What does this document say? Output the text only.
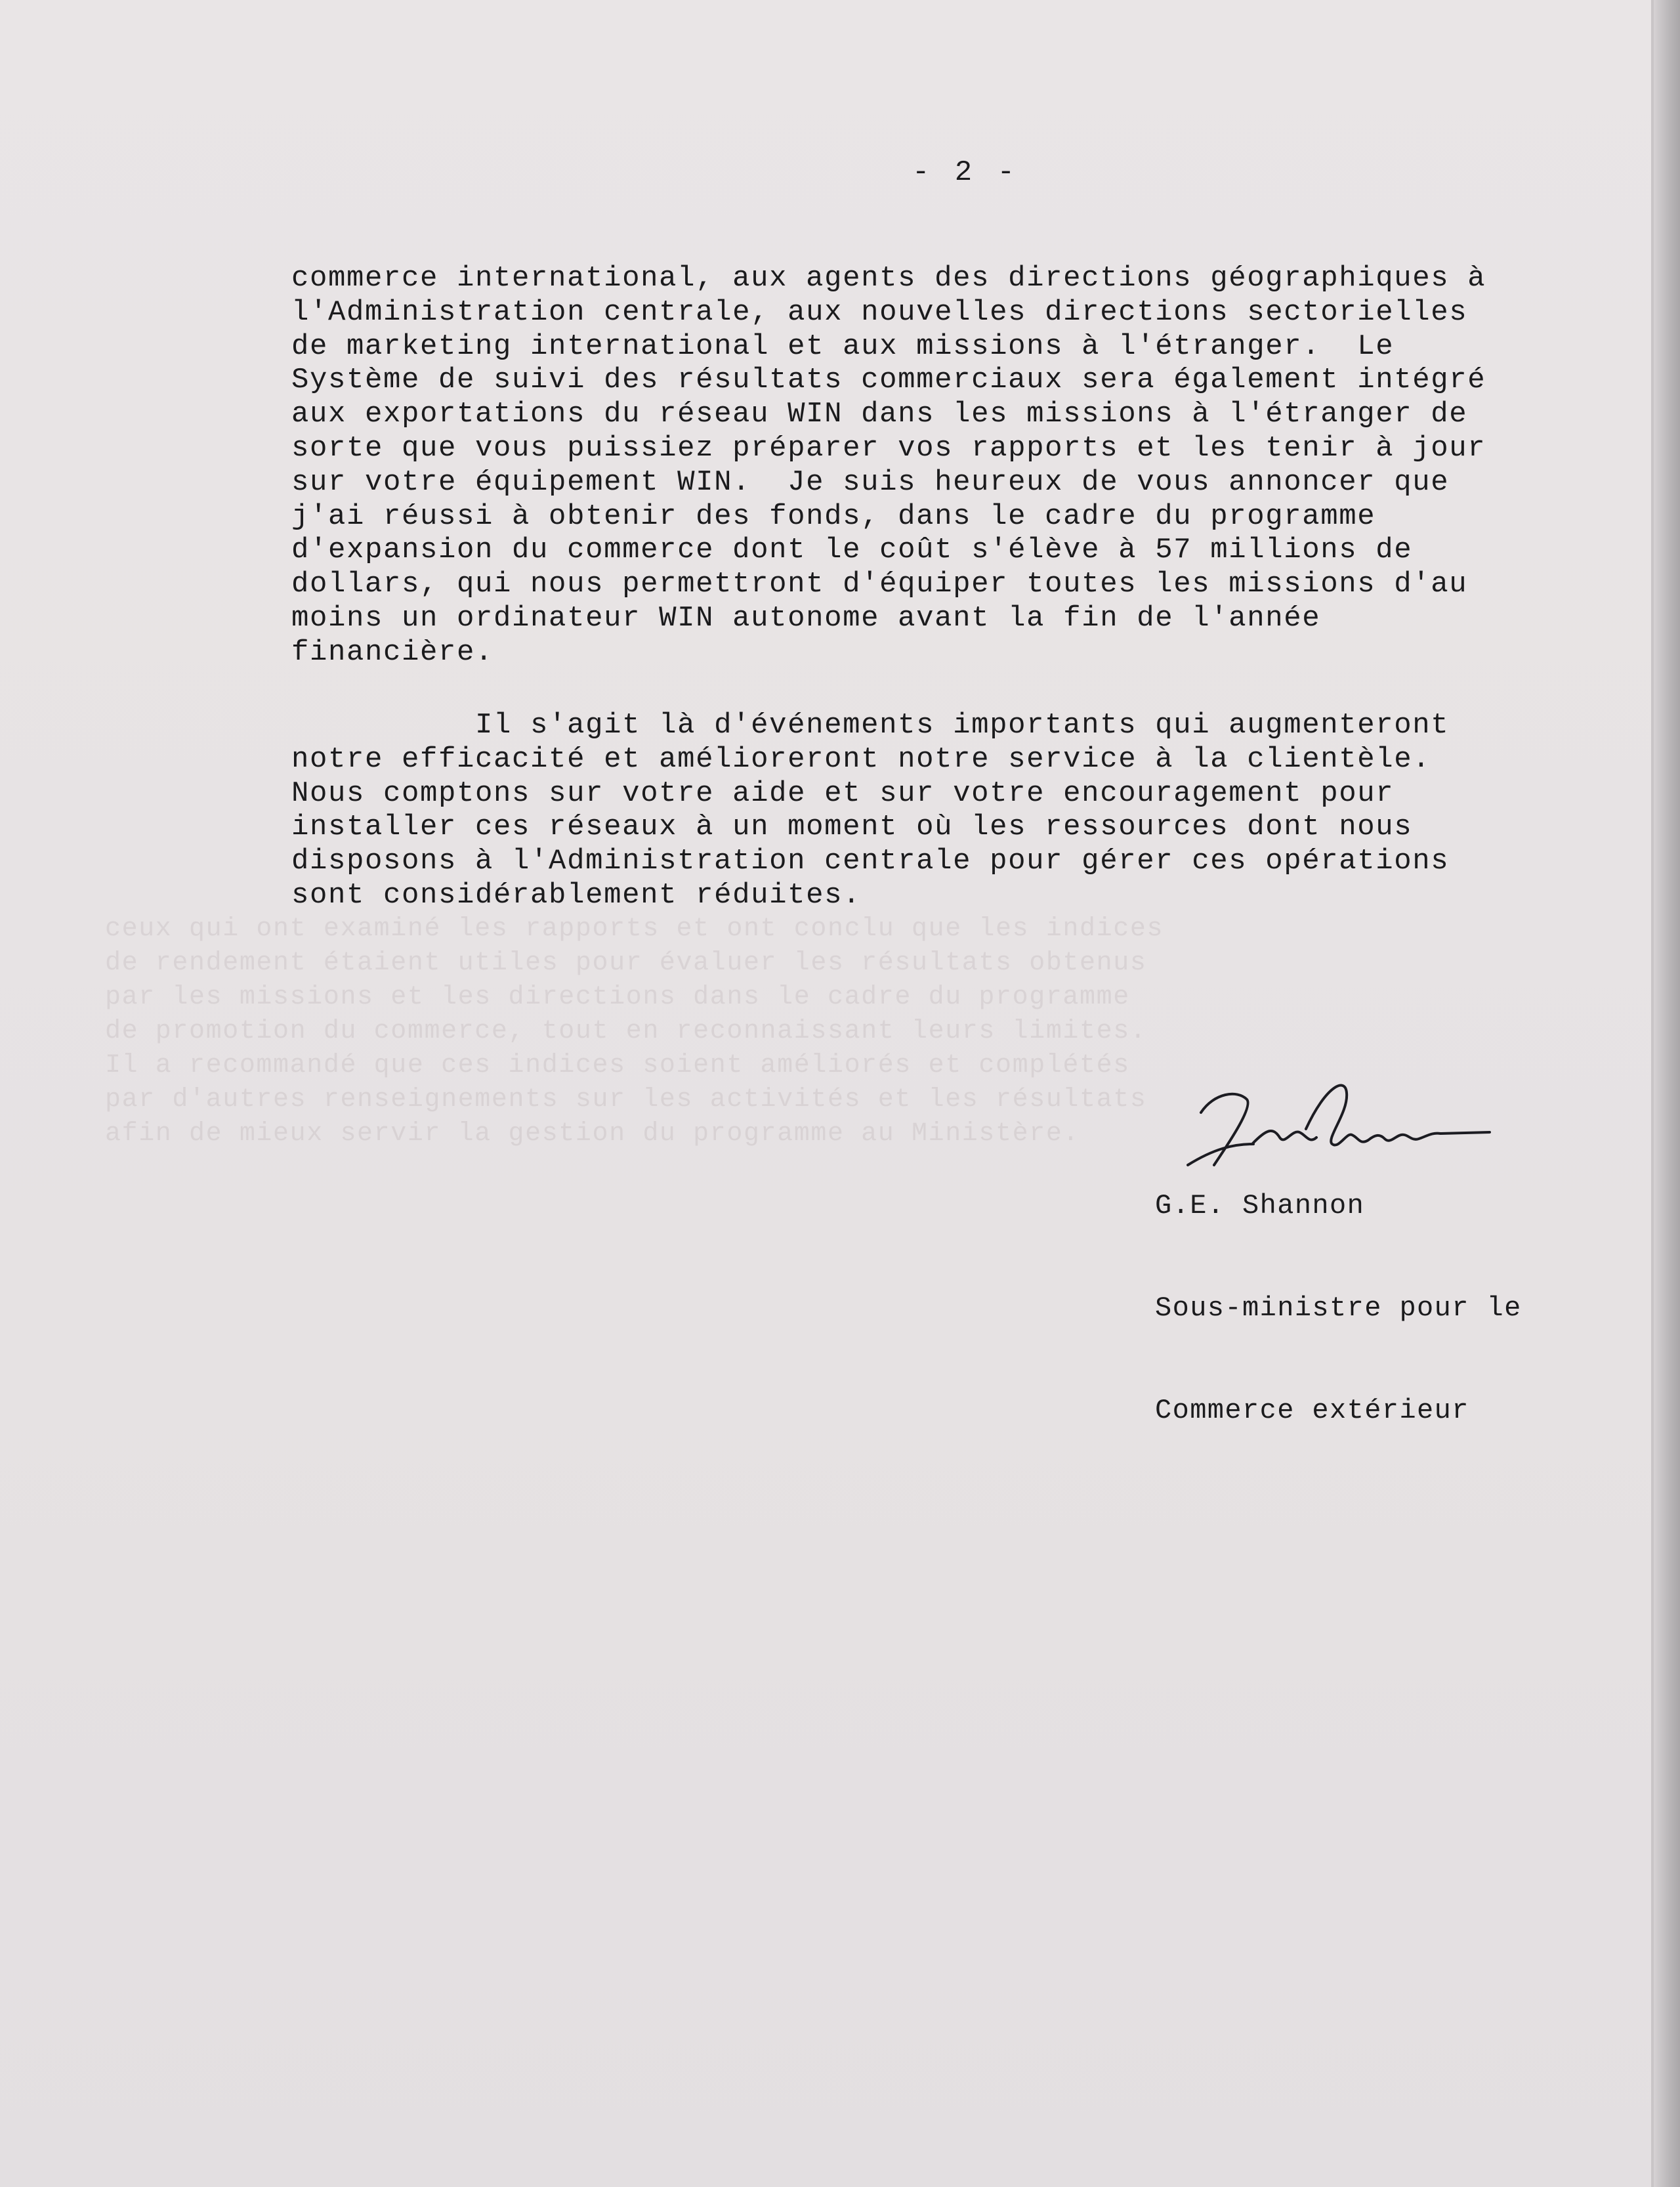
- 2 -
commerce international, aux agents des directions géographiques à
l'Administration centrale, aux nouvelles directions sectorielles
de marketing international et aux missions à l'étranger.  Le
Système de suivi des résultats commerciaux sera également intégré
aux exportations du réseau WIN dans les missions à l'étranger de
sorte que vous puissiez préparer vos rapports et les tenir à jour
sur votre équipement WIN.  Je suis heureux de vous annoncer que
j'ai réussi à obtenir des fonds, dans le cadre du programme
d'expansion du commerce dont le coût s'élève à 57 millions de
dollars, qui nous permettront d'équiper toutes les missions d'au
moins un ordinateur WIN autonome avant la fin de l'année
financière.
Il s'agit là d'événements importants qui augmenteront
notre efficacité et amélioreront notre service à la clientèle.
Nous comptons sur votre aide et sur votre encouragement pour
installer ces réseaux à un moment où les ressources dont nous
disposons à l'Administration centrale pour gérer ces opérations
sont considérablement réduites.

G.E. Shannon

Sous-ministre pour le

Commerce extérieur
